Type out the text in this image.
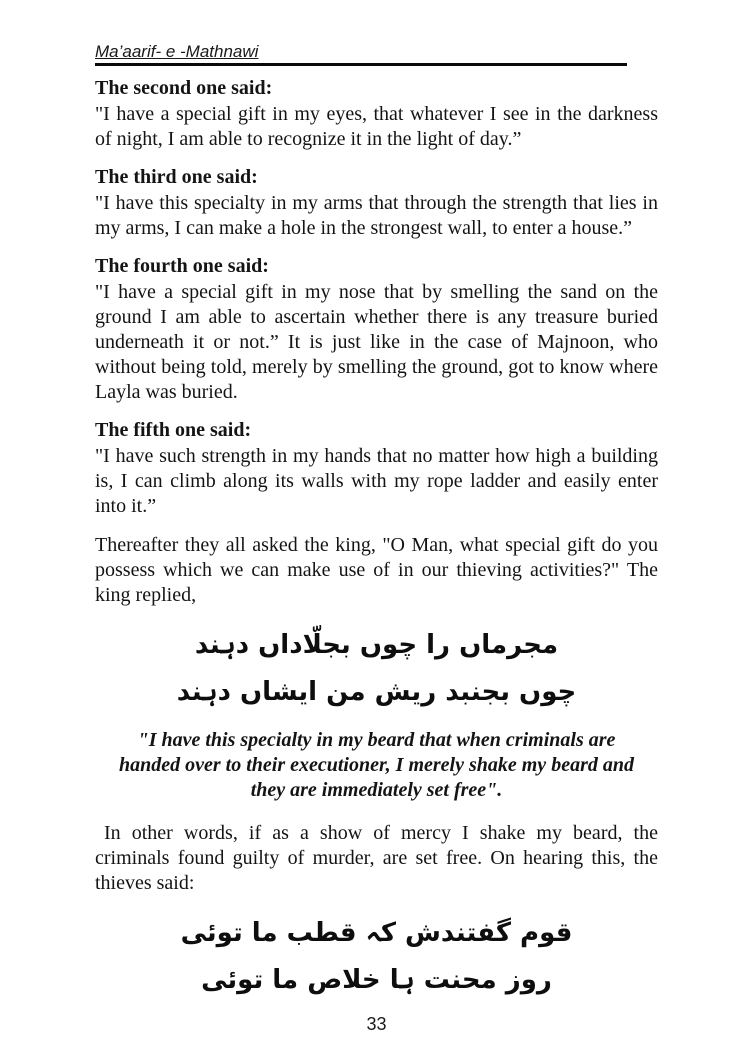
Ma’aarif- e -Mathnawi
The second one said:

"I have a special gift in my eyes, that whatever I see in the darkness of night, I am able to recognize it in the light of day.”

The third one said:

"I have this specialty in my arms that through the strength that lies in my arms, I can make a hole in the strongest wall, to enter a house.”

The fourth one said:

"I have a special gift in my nose that by smelling the sand on the ground I am able to ascertain whether there is any treasure buried underneath it or not.” It is just like in the case of Majnoon, who without being told, merely by smelling the ground, got to know where Layla was buried.

The fifth one said:

"I have such strength in my hands that no matter how high a building is, I can climb along its walls with my rope ladder and easily enter into it.”

Thereafter they all asked the king, "O Man, what special gift do you possess which we can make use of in our thieving activities?" The king replied,

مجرماں را چوں بجلّاداں دہند
چوں بجنبد ریش من ایشاں دہند

"I have this specialty in my beard that when criminals are handed over to their executioner, I merely shake my beard and they are immediately set free".

In other words, if as a show of mercy I shake my beard, the criminals found guilty of murder, are set free. On hearing this, the thieves said:

قوم گفتندش کہ قطب ما توئی
روز محنت ہا خلاص ما توئی
33
